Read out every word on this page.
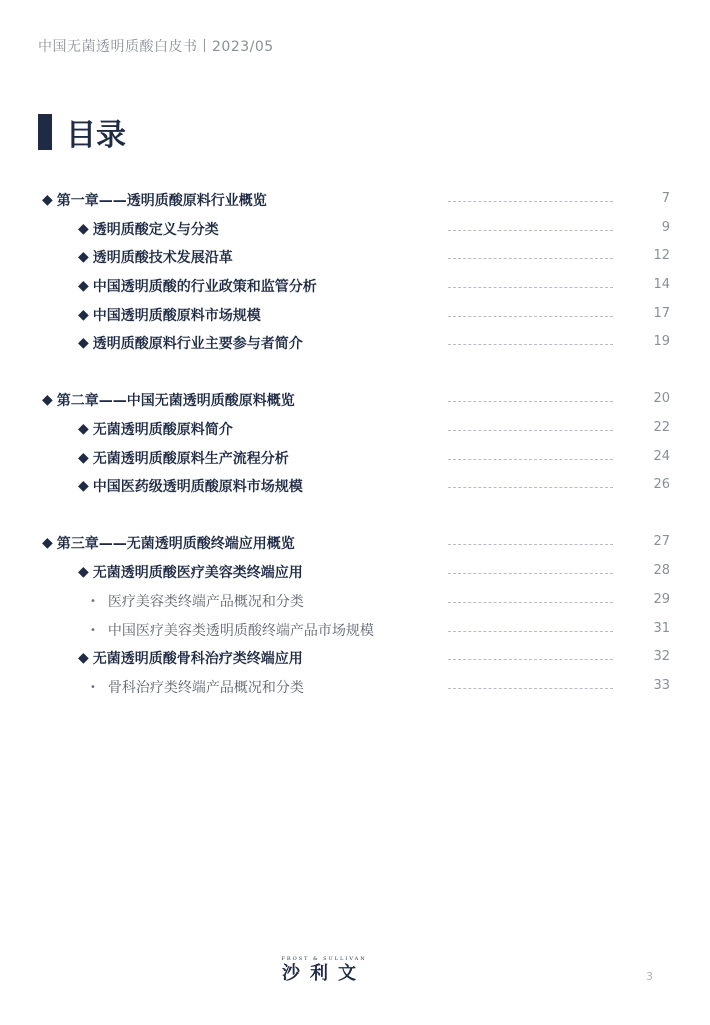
中国无菌透明质酸白皮书丨2023/05
目录
◆ 第一章——透明质酸原料行业概览	7
◆ 透明质酸定义与分类	9
◆ 透明质酸技术发展沿革	12
◆ 中国透明质酸的行业政策和监管分析	14
◆ 中国透明质酸原料市场规模	17
◆ 透明质酸原料行业主要参与者简介	19
◆ 第二章——中国无菌透明质酸原料概览	20
◆ 无菌透明质酸原料简介	22
◆ 无菌透明质酸原料生产流程分析	24
◆ 中国医药级透明质酸原料市场规模	26
◆ 第三章——无菌透明质酸终端应用概览	27
◆ 无菌透明质酸医疗美容类终端应用	28
• 医疗美容类终端产品概况和分类	29
• 中国医疗美容类透明质酸终端产品市场规模	31
◆ 无菌透明质酸骨科治疗类终端应用	32
• 骨科治疗类终端产品概况和分类	33
FROST & SULLIVAN
沙利文	3
